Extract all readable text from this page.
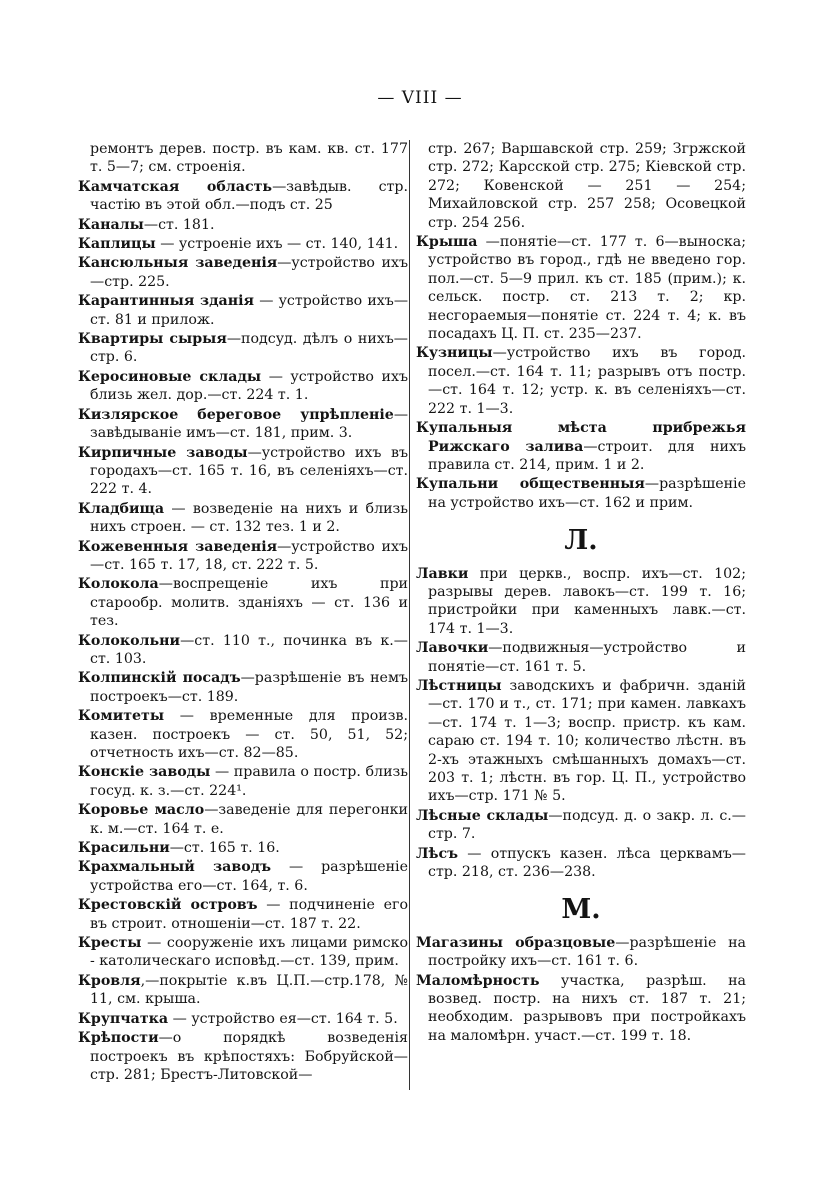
— VIII —

ремонтъ дерев. постр. въ кам. кв. ст. 177 т. 5—7; см. строенія.

Камчатская область—завѣдыв. стр. частію въ этой обл.—подъ ст. 25

Каналы—ст. 181.

Каплицы — устроеніе ихъ — ст. 140, 141.

Кансюльныя заведенія—устройство ихъ—стр. 225.

Карантинныя зданія — устройство ихъ—ст. 81 и прилож.

Квартиры сырыя—подсуд. дѣлъ о нихъ—стр. 6.

Керосиновые склады — устройство ихъ близь жел. дор.—ст. 224 т. 1.

Кизлярское береговое упрѣпленіе—завѣдываніе имъ—ст. 181, прим. 3.

Кирпичные заводы—устройство ихъ въ городахъ—ст. 165 т. 16, въ селеніяхъ—ст. 222 т. 4.

Кладбища — возведеніе на нихъ и близь нихъ строен. — ст. 132 тез. 1 и 2.

Кожевенныя заведенія—устройство ихъ—ст. 165 т. 17, 18, ст. 222 т. 5.

Колокола—воспрещеніе ихъ при старообр. молитв. зданіяхъ — ст. 136 и тез.

Колокольни—ст. 110 т., починка въ к.—ст. 103.

Колпинскій посадъ—разрѣшеніе въ немъ построекъ—ст. 189.

Комитеты — временные для произв. казен. построекъ — ст. 50, 51, 52; отчетность ихъ—ст. 82—85.

Конскіе заводы — правила о постр. близь госуд. к. з.—ст. 224¹.

Коровье масло—заведеніе для перегонки к. м.—ст. 164 т. е.

Красильни—ст. 165 т. 16.

Крахмальный заводъ — разрѣшеніе устройства его—ст. 164, т. 6.

Крестовскій островъ — подчиненіе его въ строит. отношеніи—ст. 187 т. 22.

Кресты — сооруженіе ихъ лицами римско - католическаго исповѣд.—ст. 139, прим.

Кровля,—покрытіе к.въ Ц.П.—стр.178, № 11, см. крыша.

Крупчатка — устройство ея—ст. 164 т. 5.

Крѣпости—о порядкѣ возведенія построекъ въ крѣпостяхъ: Бобруйской—стр. 281; Брестъ-Литовской—

стр. 267; Варшавской стр. 259; Згржской стр. 272; Карсской стр. 275; Кіевской стр. 272; Ковенской — 251 — 254; Михайловской стр. 257 258; Осовецкой стр. 254 256.

Крыша —понятіе—ст. 177 т. 6—выноска; устройство въ город., гдѣ не введено гор. пол.—ст. 5—9 прил. къ ст. 185 (прим.); к. сельск. постр. ст. 213 т. 2; кр. несгораемыя—понятіе ст. 224 т. 4; к. въ посадахъ Ц. П. ст. 235—237.

Кузницы—устройство ихъ въ город. посел.—ст. 164 т. 11; разрывъ отъ постр.—ст. 164 т. 12; устр. к. въ селеніяхъ—ст. 222 т. 1—3.

Купальныя мѣста прибрежья Рижскаго залива—строит. для нихъ правила ст. 214, прим. 1 и 2.

Купальни общественныя—разрѣшеніе на устройство ихъ—ст. 162 и прим.

Л.

Лавки при церкв., воспр. ихъ—ст. 102; разрывы дерев. лавокъ—ст. 199 т. 16; пристройки при каменныхъ лавк.—ст. 174 т. 1—3.

Лавочки—подвижныя—устройство и понятіе—ст. 161 т. 5.

Лѣстницы заводскихъ и фабричн. зданій—ст. 170 и т., ст. 171; при камен. лавкахъ—ст. 174 т. 1—3; воспр. пристр. къ кам. сараю ст. 194 т. 10; количество лѣстн. въ 2-хъ этажныхъ смѣшанныхъ домахъ—ст. 203 т. 1; лѣстн. въ гор. Ц. П., устройство ихъ—стр. 171 № 5.

Лѣсные склады—подсуд. д. о закр. л. с.—стр. 7.

Лѣсъ — отпускъ казен. лѣса церквамъ—стр. 218, ст. 236—238.

М.

Магазины образцовые—разрѣшеніе на постройку ихъ—ст. 161 т. 6.

Маломѣрность участка, разрѣш. на возвед. постр. на нихъ ст. 187 т. 21; необходим. разрывовъ при постройкахъ на маломѣрн. участ.—ст. 199 т. 18.
